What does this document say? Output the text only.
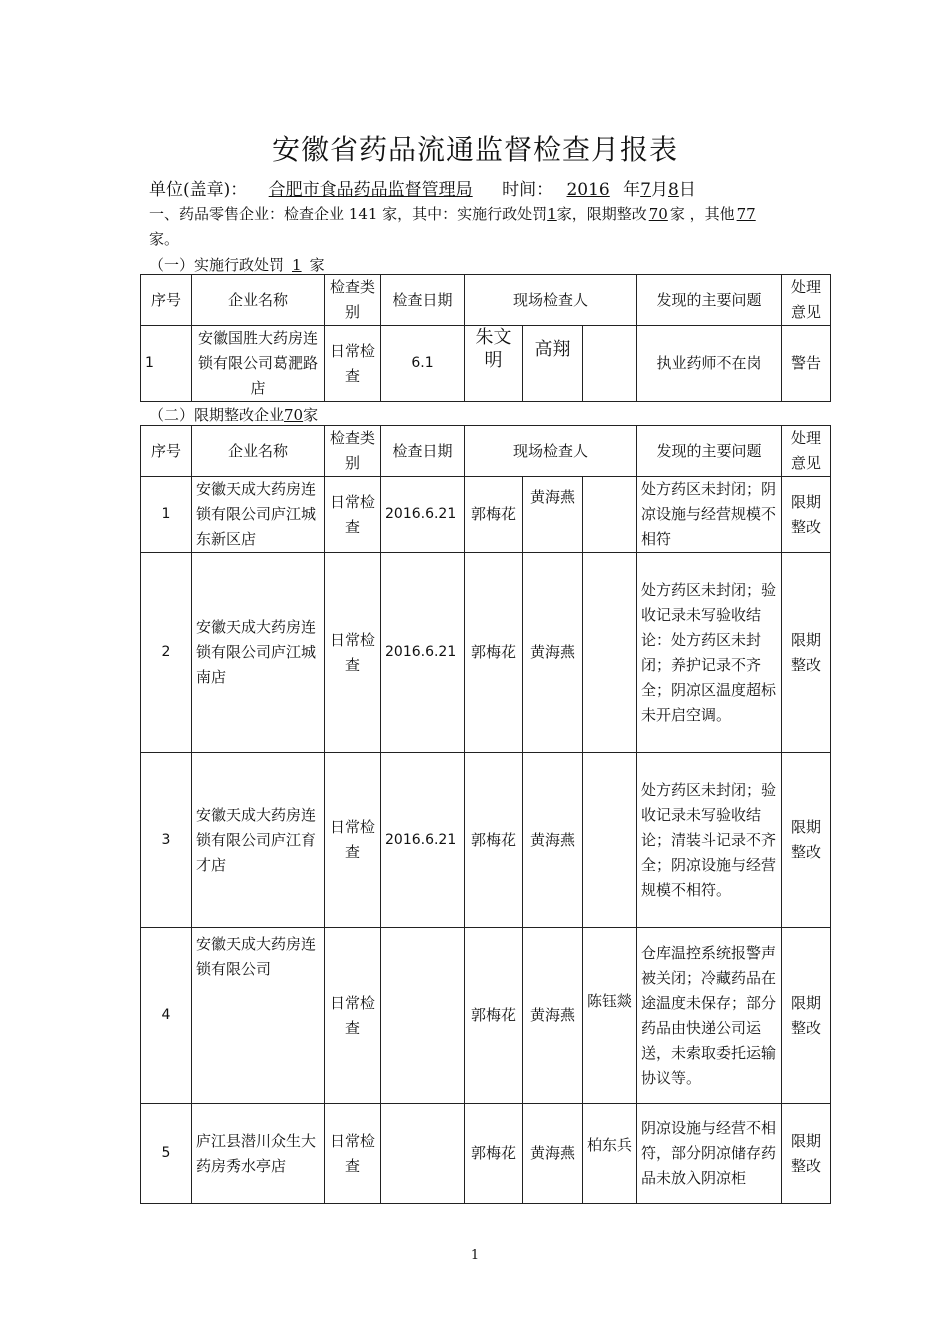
安徽省药品流通监督检查月报表
单位(盖章)： 合肥市食品药品监督管理局 时间： 2016 年7月8日
一、药品零售企业：检查企业 141 家，其中：实施行政处罚1家，限期整改 70 家 ，其他 77
家。
（一）实施行政处罚 1 家
序号	企业名称	检查类别	检查日期	现场检查人			发现的主要问题	处理意见
1	安徽国胜大药房连锁有限公司葛淝路店	日常检查	6.1	朱文明	高翔		执业药师不在岗	警告
（二）限期整改企业70家
序号	企业名称	检查类别	检查日期	现场检查人			发现的主要问题	处理意见
1	安徽天成大药房连锁有限公司庐江城东新区店	日常检查	2016.6.21	郭梅花	黄海燕		处方药区未封闭；阴凉设施与经营规模不相符	限期整改
2	安徽天成大药房连锁有限公司庐江城南店	日常检查	2016.6.21	郭梅花	黄海燕		处方药区未封闭；验收记录未写验收结论：处方药区未封闭；养护记录不齐全；阴凉区温度超标未开启空调。	限期整改
3	安徽天成大药房连锁有限公司庐江育才店	日常检查	2016.6.21	郭梅花	黄海燕		处方药区未封闭；验收记录未写验收结论；清装斗记录不齐全；阴凉设施与经营规模不相符。	限期整改
4	安徽天成大药房连锁有限公司	日常检查		郭梅花	黄海燕	陈钰燚	仓库温控系统报警声被关闭；冷藏药品在途温度未保存；部分药品由快递公司运送，未索取委托运输协议等。	限期整改
5	庐江县潜川众生大药房秀水亭店	日常检查		郭梅花	黄海燕	柏东兵	阴凉设施与经营不相符，部分阴凉储存药品未放入阴凉柜	限期整改
1
